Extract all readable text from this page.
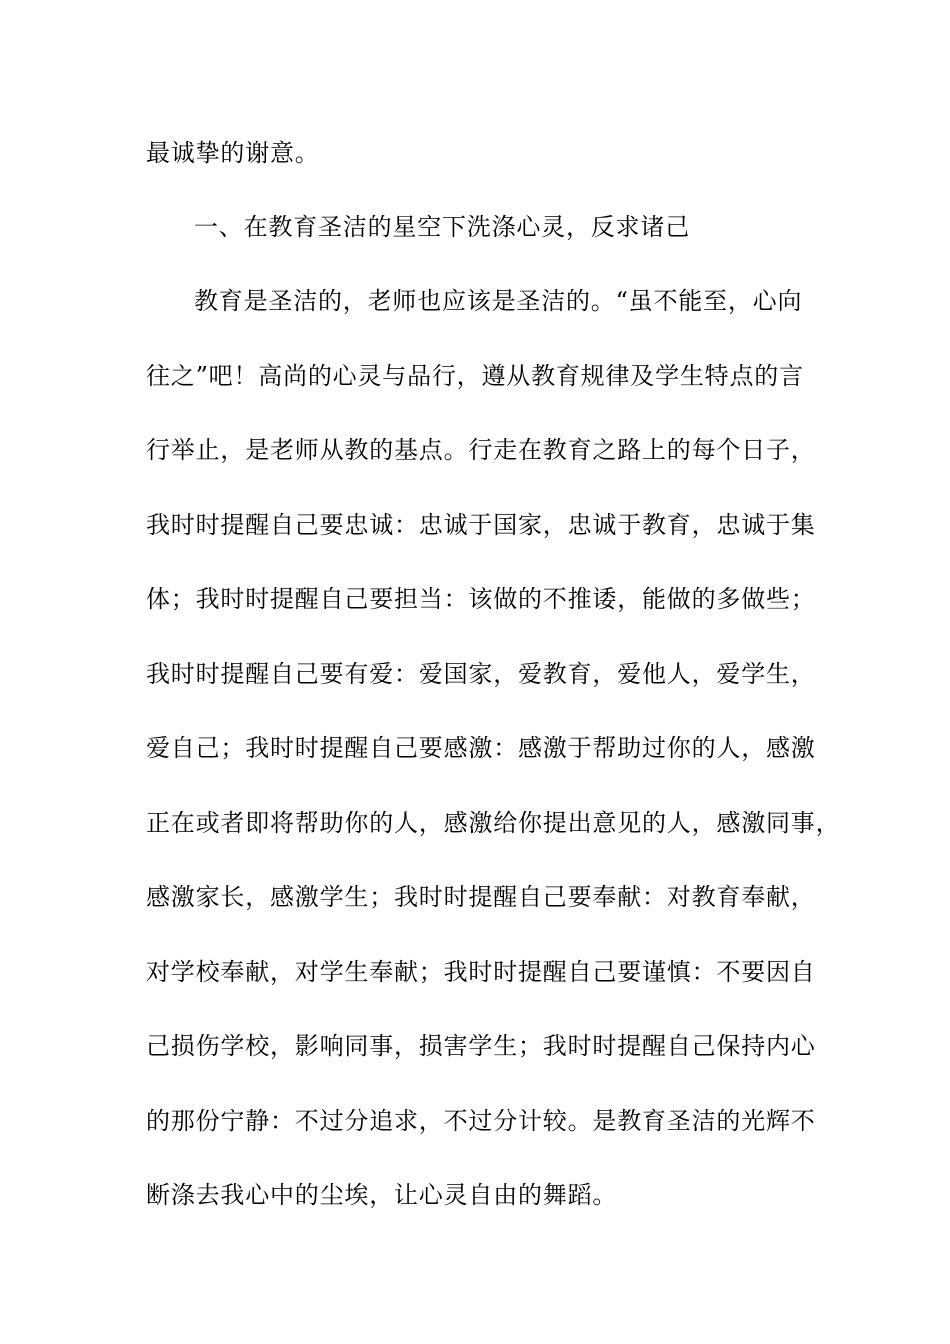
最诚挚的谢意。
一、在教育圣洁的星空下洗涤心灵，反求诸己
教育是圣洁的，老师也应该是圣洁的。“虽不能至，心向
往之”吧！高尚的心灵与品行，遵从教育规律及学生特点的言
行举止，是老师从教的基点。行走在教育之路上的每个日子，
我时时提醒自己要忠诚：忠诚于国家，忠诚于教育，忠诚于集
体；我时时提醒自己要担当：该做的不推诿，能做的多做些；
我时时提醒自己要有爱：爱国家，爱教育，爱他人，爱学生，
爱自己；我时时提醒自己要感激：感激于帮助过你的人，感激
正在或者即将帮助你的人，感激给你提出意见的人，感激同事，
感激家长，感激学生；我时时提醒自己要奉献：对教育奉献，
对学校奉献，对学生奉献；我时时提醒自己要谨慎：不要因自
己损伤学校，影响同事，损害学生；我时时提醒自己保持内心
的那份宁静：不过分追求，不过分计较。是教育圣洁的光辉不
断涤去我心中的尘埃，让心灵自由的舞蹈。
